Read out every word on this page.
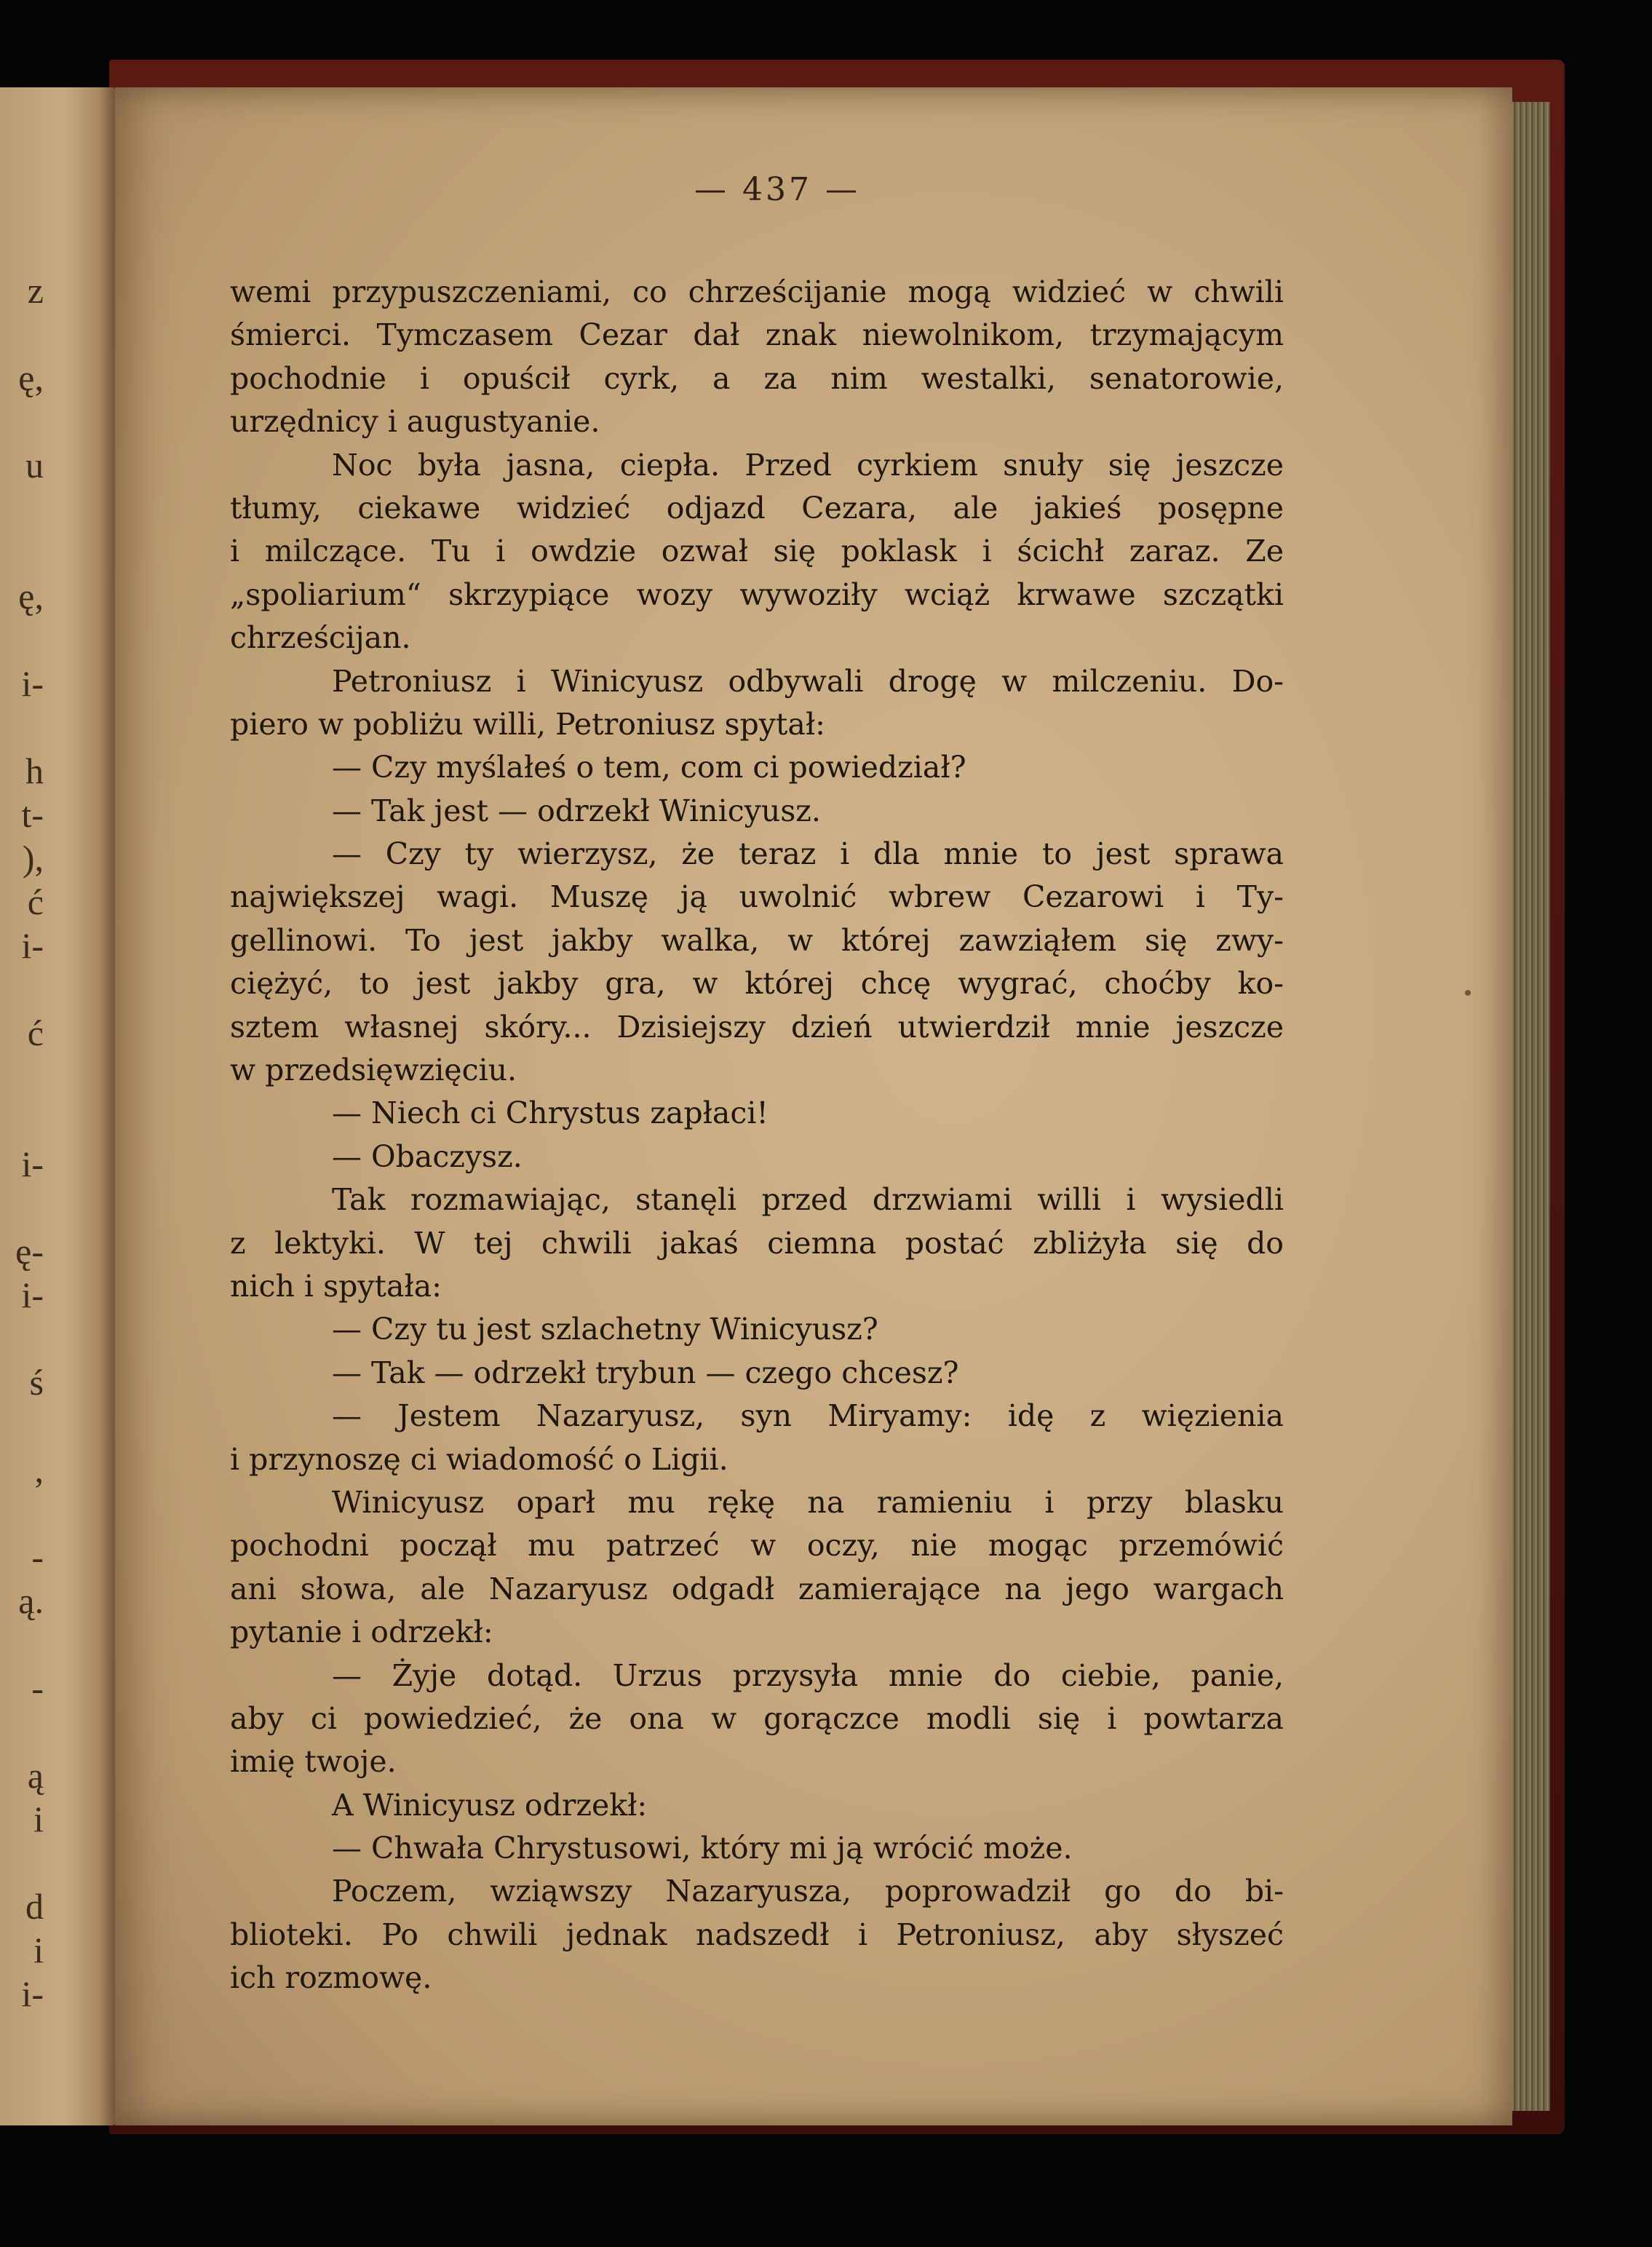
z
ę,
u
ę,
i-
h
t-
),
ć
i-
ć
i-
ę-
i-
ś
,
-
ą.
-
ą
i
d
i
i-
— 437 —
wemi przypuszczeniami, co chrześcijanie mogą widzieć w chwili
śmierci. Tymczasem Cezar dał znak niewolnikom, trzymającym
pochodnie i opuścił cyrk, a za nim westalki, senatorowie,
urzędnicy i augustyanie.
Noc była jasna, ciepła. Przed cyrkiem snuły się jeszcze
tłumy, ciekawe widzieć odjazd Cezara, ale jakieś posępne
i milczące. Tu i owdzie ozwał się poklask i ścichł zaraz. Ze
„spoliarium“ skrzypiące wozy wywoziły wciąż krwawe szczątki
chrześcijan.
Petroniusz i Winicyusz odbywali drogę w milczeniu. Do-
piero w pobliżu willi, Petroniusz spytał:
— Czy myślałeś o tem, com ci powiedział?
— Tak jest — odrzekł Winicyusz.
— Czy ty wierzysz, że teraz i dla mnie to jest sprawa
największej wagi. Muszę ją uwolnić wbrew Cezarowi i Ty-
gellinowi. To jest jakby walka, w której zawziąłem się zwy-
ciężyć, to jest jakby gra, w której chcę wygrać, choćby ko-
sztem własnej skóry... Dzisiejszy dzień utwierdził mnie jeszcze
w przedsięwzięciu.
— Niech ci Chrystus zapłaci!
— Obaczysz.
Tak rozmawiając, stanęli przed drzwiami willi i wysiedli
z lektyki. W tej chwili jakaś ciemna postać zbliżyła się do
nich i spytała:
— Czy tu jest szlachetny Winicyusz?
— Tak — odrzekł trybun — czego chcesz?
— Jestem Nazaryusz, syn Miryamy: idę z więzienia
i przynoszę ci wiadomość o Ligii.
Winicyusz oparł mu rękę na ramieniu i przy blasku
pochodni począł mu patrzeć w oczy, nie mogąc przemówić
ani słowa, ale Nazaryusz odgadł zamierające na jego wargach
pytanie i odrzekł:
— Żyje dotąd. Urzus przysyła mnie do ciebie, panie,
aby ci powiedzieć, że ona w gorączce modli się i powtarza
imię twoje.
A Winicyusz odrzekł:
— Chwała Chrystusowi, który mi ją wrócić może.
Poczem, wziąwszy Nazaryusza, poprowadził go do bi-
blioteki. Po chwili jednak nadszedł i Petroniusz, aby słyszeć
ich rozmowę.
